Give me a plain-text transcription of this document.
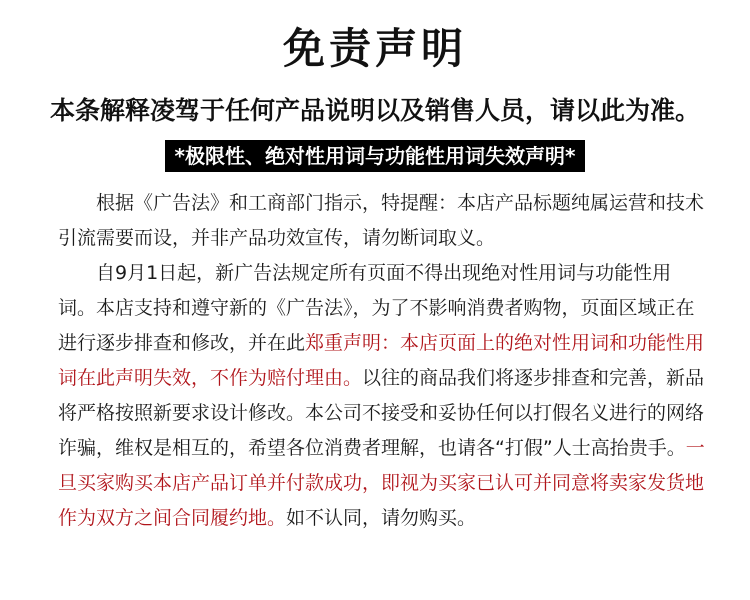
免责声明
本条解释凌驾于任何产品说明以及销售人员，请以此为准。
*极限性、绝对性用词与功能性用词失效声明*

根据《广告法》和工商部门指示，特提醒：本店产品标题纯属运营和技术引流需要而设，并非产品功效宣传，请勿断词取义。

自9月1日起，新广告法规定所有页面不得出现绝对性用词与功能性用词。本店支持和遵守新的《广告法》，为了不影响消费者购物，页面区域正在进行逐步排查和修改，并在此郑重声明：本店页面上的绝对性用词和功能性用词在此声明失效，不作为赔付理由。以往的商品我们将逐步排查和完善，新品将严格按照新要求设计修改。本公司不接受和妥协任何以打假名义进行的网络诈骗，维权是相互的，希望各位消费者理解，也请各“打假”人士高抬贵手。一旦买家购买本店产品订单并付款成功，即视为买家已认可并同意将卖家发货地作为双方之间合同履约地。如不认同，请勿购买。
